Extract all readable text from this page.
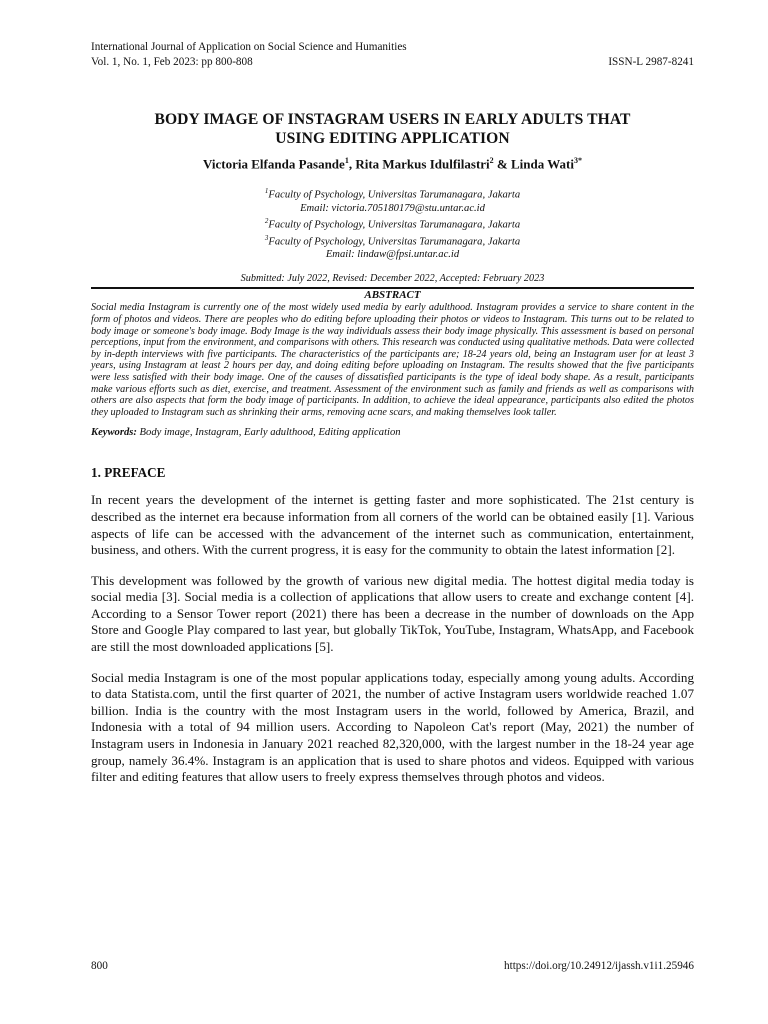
International Journal of Application on Social Science and Humanities
Vol. 1, No. 1, Feb 2023: pp 800-808	ISSN-L 2987-8241
BODY IMAGE OF INSTAGRAM USERS IN EARLY ADULTS THAT
USING EDITING APPLICATION
Victoria Elfanda Pasande$^1$, Rita Markus Idulfilastri$^2$ & Linda Wati$^{3*}$
$^1$Faculty of Psychology, Universitas Tarumanagara, Jakarta
Email: victoria.705180179@stu.untar.ac.id
$^2$Faculty of Psychology, Universitas Tarumanagara, Jakarta
$^3$Faculty of Psychology, Universitas Tarumanagara, Jakarta
Email: lindaw@fpsi.untar.ac.id
Submitted: July 2022, Revised: December 2022, Accepted: February 2023
ABSTRACT
Social media Instagram is currently one of the most widely used media by early adulthood. Instagram provides a service to share content in the form of photos and videos. There are peoples who do editing before uploading their photos or videos to Instagram. This turns out to be related to body image or someone's body image. Body Image is the way individuals assess their body image physically. This assessment is based on personal perceptions, input from the environment, and comparisons with others. This research was conducted using qualitative methods. Data were collected by in-depth interviews with five participants. The characteristics of the participants are; 18-24 years old, being an Instagram user for at least 3 years, using Instagram at least 2 hours per day, and doing editing before uploading on Instagram. The results showed that the five participants were less satisfied with their body image. One of the causes of dissatisfied participants is the type of ideal body shape. As a result, participants make various efforts such as diet, exercise, and treatment. Assessment of the environment such as family and friends as well as comparisons with others are also aspects that form the body image of participants. In addition, to achieve the ideal appearance, participants also edited the photos they uploaded to Instagram such as shrinking their arms, removing acne scars, and making themselves look taller.
Keywords: Body image, Instagram, Early adulthood, Editing application
1. PREFACE
In recent years the development of the internet is getting faster and more sophisticated. The 21st century is described as the internet era because information from all corners of the world can be obtained easily [1]. Various aspects of life can be accessed with the advancement of the internet such as communication, entertainment, business, and others. With the current progress, it is easy for the community to obtain the latest information [2].
This development was followed by the growth of various new digital media. The hottest digital media today is social media [3]. Social media is a collection of applications that allow users to create and exchange content [4]. According to a Sensor Tower report (2021) there has been a decrease in the number of downloads on the App Store and Google Play compared to last year, but globally TikTok, YouTube, Instagram, WhatsApp, and Facebook are still the most downloaded applications [5].
Social media Instagram is one of the most popular applications today, especially among young adults. According to data Statista.com, until the first quarter of 2021, the number of active Instagram users worldwide reached 1.07 billion. India is the country with the most Instagram users in the world, followed by America, Brazil, and Indonesia with a total of 94 million users. According to Napoleon Cat's report (May, 2021) the number of Instagram users in Indonesia in January 2021 reached 82,320,000, with the largest number in the 18-24 year age group, namely 36.4%. Instagram is an application that is used to share photos and videos. Equipped with various filter and editing features that allow users to freely express themselves through photos and videos.
800	https://doi.org/10.24912/ijassh.v1i1.25946
